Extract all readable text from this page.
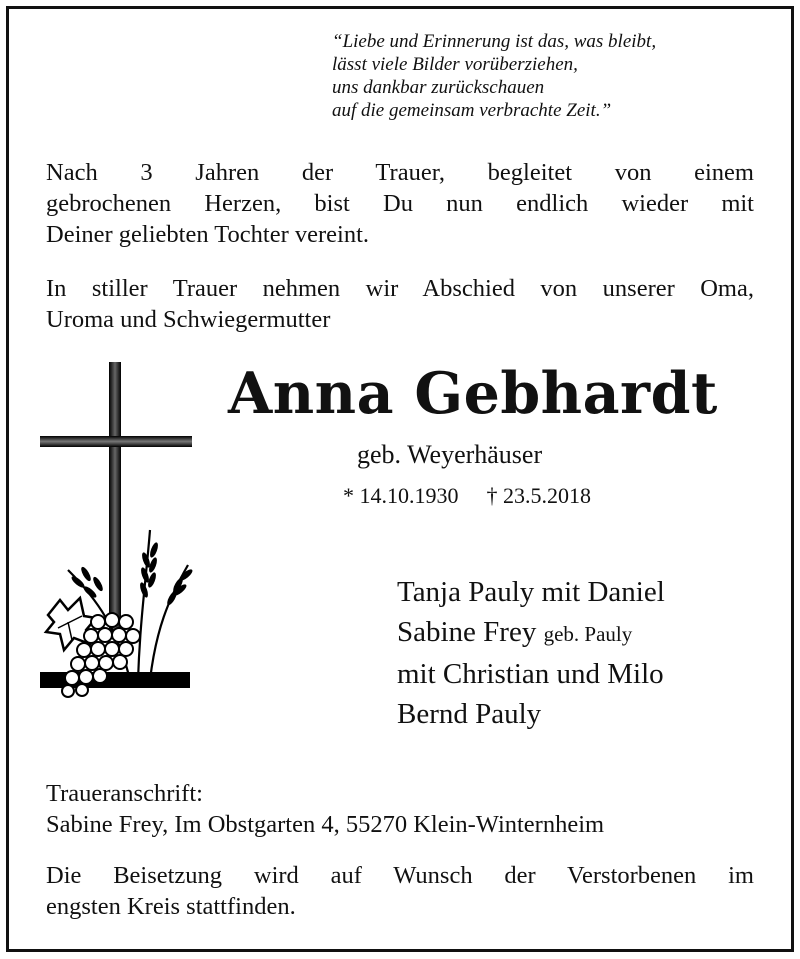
“Liebe und Erinnerung ist das, was bleibt,
lässt viele Bilder vorüberziehen,
uns dankbar zurückschauen
auf die gemeinsam verbrachte Zeit.”
Nach 3 Jahren der Trauer, begleitet von einem
gebrochenen Herzen, bist Du nun endlich wieder mit
Deiner geliebten Tochter vereint.
In stiller Trauer nehmen wir Abschied von unserer Oma,
Uroma und Schwiegermutter
Anna Gebhardt
geb. Weyerhäuser
* 14.10.1930 † 23.5.2018
Tanja Pauly mit Daniel
Sabine Frey geb. Pauly
mit Christian und Milo
Bernd Pauly
Traueranschrift:
Sabine Frey, Im Obstgarten 4, 55270 Klein-Winternheim
Die Beisetzung wird auf Wunsch der Verstorbenen im
engsten Kreis stattfinden.
